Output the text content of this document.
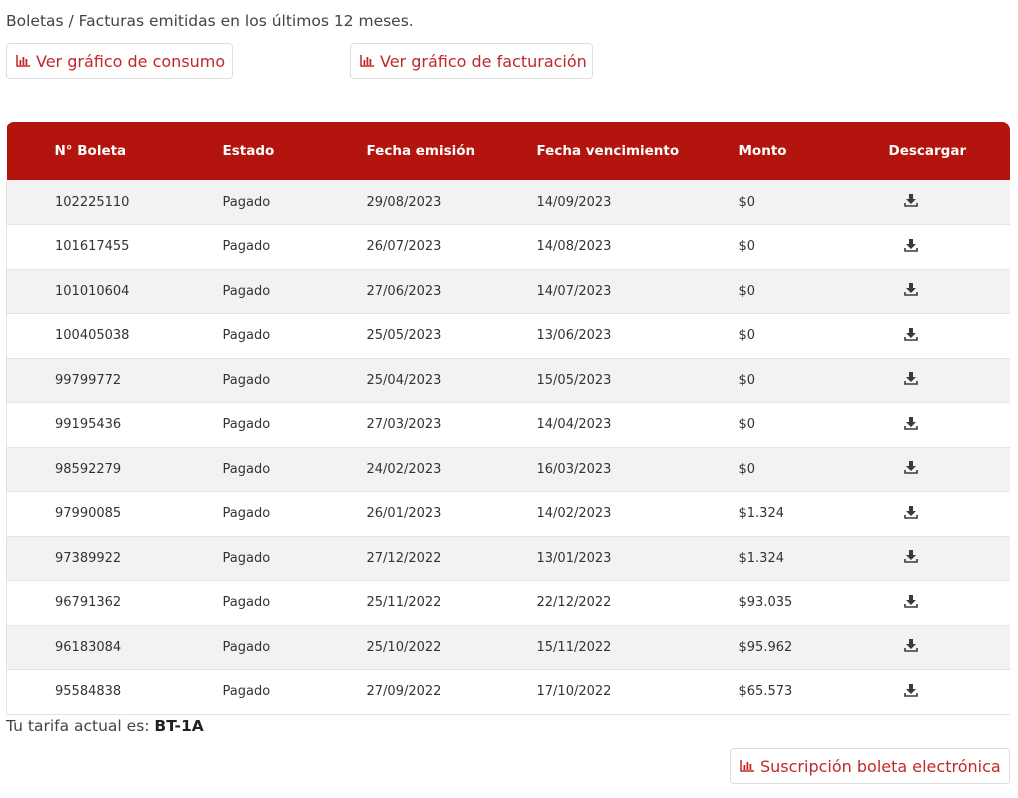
Boletas / Facturas emitidas en los últimos 12 meses.
Ver gráfico de consumo	Ver gráfico de facturación
N° Boleta	Estado	Fecha emisión	Fecha vencimiento	Monto	Descargar
102225110	Pagado	29/08/2023	14/09/2023	$0	
101617455	Pagado	26/07/2023	14/08/2023	$0	
101010604	Pagado	27/06/2023	14/07/2023	$0	
100405038	Pagado	25/05/2023	13/06/2023	$0	
99799772	Pagado	25/04/2023	15/05/2023	$0	
99195436	Pagado	27/03/2023	14/04/2023	$0	
98592279	Pagado	24/02/2023	16/03/2023	$0	
97990085	Pagado	26/01/2023	14/02/2023	$1.324	
97389922	Pagado	27/12/2022	13/01/2023	$1.324	
96791362	Pagado	25/11/2022	22/12/2022	$93.035	
96183084	Pagado	25/10/2022	15/11/2022	$95.962	
95584838	Pagado	27/09/2022	17/10/2022	$65.573	
Tu tarifa actual es: BT-1A
Suscripción boleta electrónica
